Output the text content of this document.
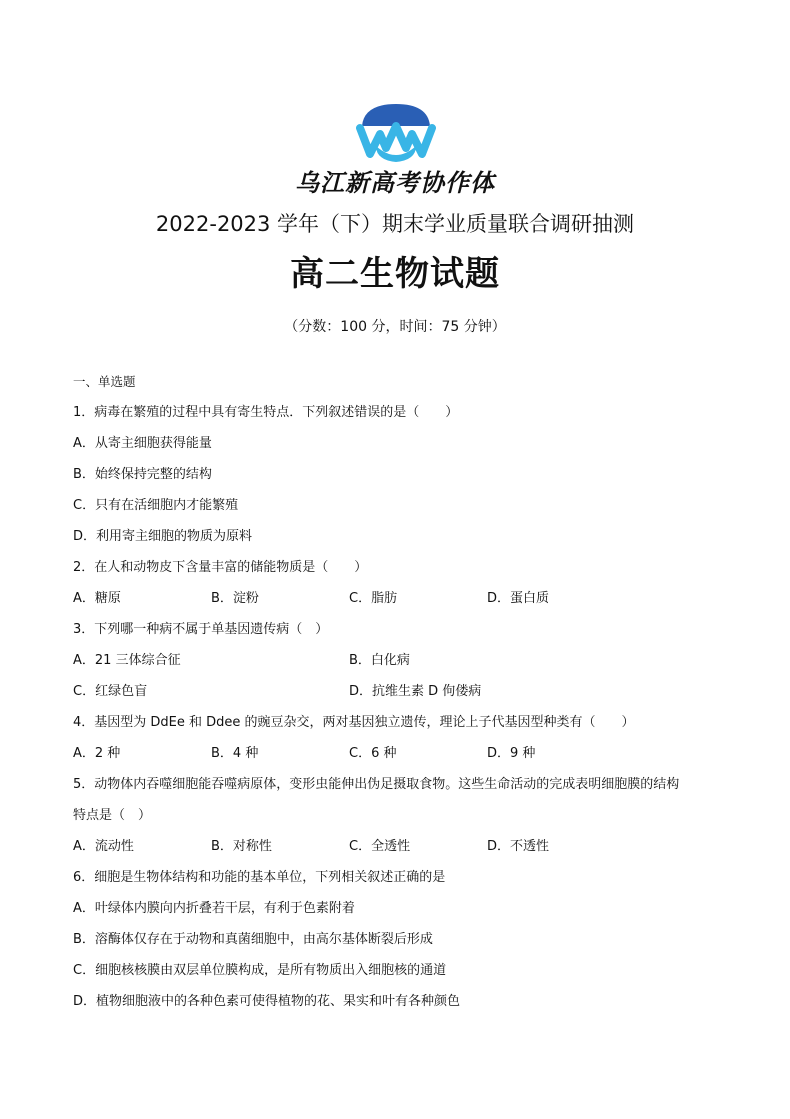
乌江新高考协作体
2022-2023 学年（下）期末学业质量联合调研抽测
高二生物试题
（分数：100 分，时间：75 分钟）
一、单选题
1．病毒在繁殖的过程中具有寄生特点．下列叙述错误的是（　　）
A．从寄主细胞获得能量
B．始终保持完整的结构
C．只有在活细胞内才能繁殖
D．利用寄主细胞的物质为原料
2．在人和动物皮下含量丰富的储能物质是（　　）
A．糖原	B．淀粉	C．脂肪	D．蛋白质
3．下列哪一种病不属于单基因遗传病（　）
A．21 三体综合征	B．白化病
C．红绿色盲	D．抗维生素 D 佝偻病
4．基因型为 DdEe 和 Ddee 的豌豆杂交，两对基因独立遗传，理论上子代基因型种类有（　　）
A．2 种	B．4 种	C．6 种	D．9 种
5．动物体内吞噬细胞能吞噬病原体，变形虫能伸出伪足摄取食物。这些生命活动的完成表明细胞膜的结构
特点是（　）
A．流动性	B．对称性	C．全透性	D．不透性
6．细胞是生物体结构和功能的基本单位，下列相关叙述正确的是
A．叶绿体内膜向内折叠若干层，有利于色素附着
B．溶酶体仅存在于动物和真菌细胞中，由高尔基体断裂后形成
C．细胞核核膜由双层单位膜构成，是所有物质出入细胞核的通道
D．植物细胞液中的各种色素可使得植物的花、果实和叶有各种颜色
